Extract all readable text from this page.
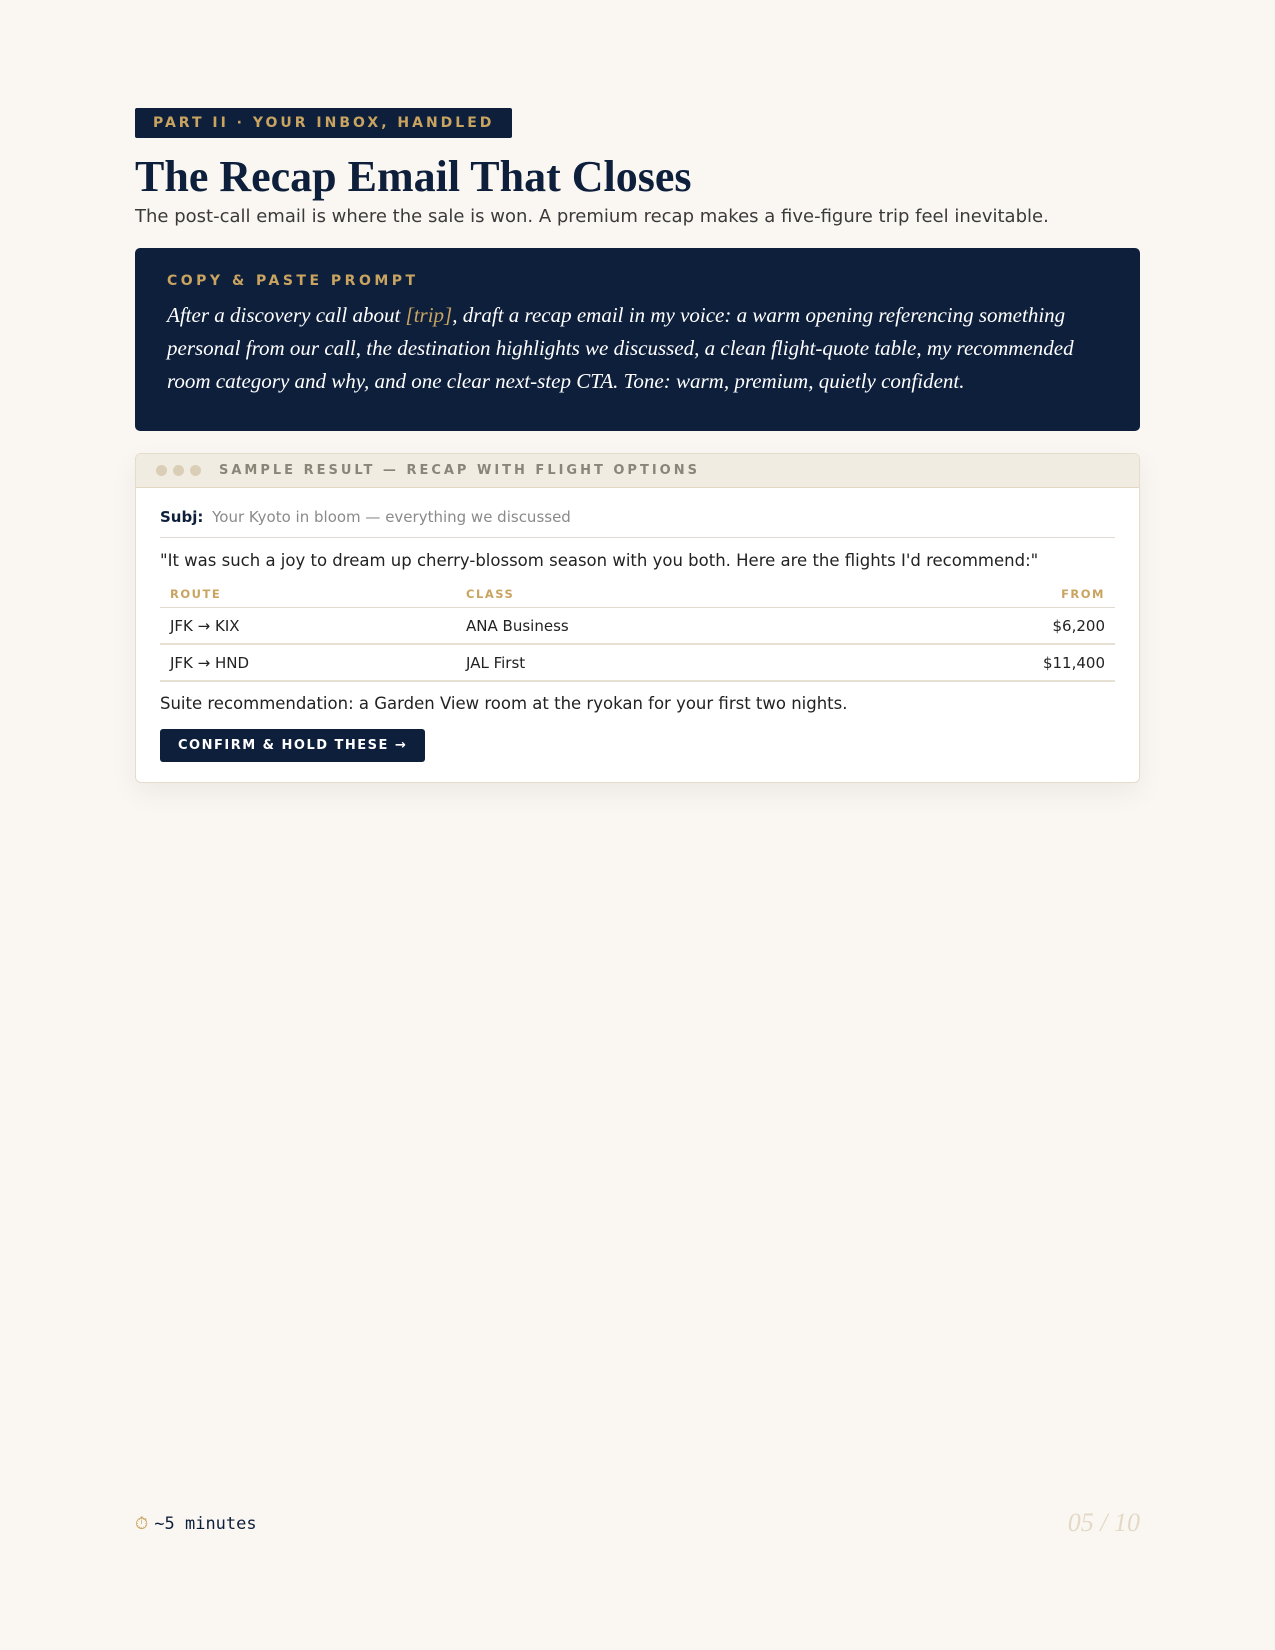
PART II · YOUR INBOX, HANDLED
The Recap Email That Closes

The post-call email is where the sale is won. A premium recap makes a five-figure trip feel inevitable.

COPY & PASTE PROMPT
After a discovery call about [trip], draft a recap email in my voice: a warm opening referencing something personal from our call, the destination highlights we discussed, a clean flight-quote table, my recommended room category and why, and one clear next-step CTA. Tone: warm, premium, quietly confident.
SAMPLE RESULT — RECAP WITH FLIGHT OPTIONS
Subj: Your Kyoto in bloom — everything we discussed
"It was such a joy to dream up cherry-blossom season with you both. Here are the flights I'd recommend:"
ROUTE	CLASS	FROM
JFK → KIX	ANA Business	$6,200
JFK → HND	JAL First	$11,400
Suite recommendation: a Garden View room at the ryokan for your first two nights.
CONFIRM & HOLD THESE →
⏱ ~5 minutes	05 / 10
